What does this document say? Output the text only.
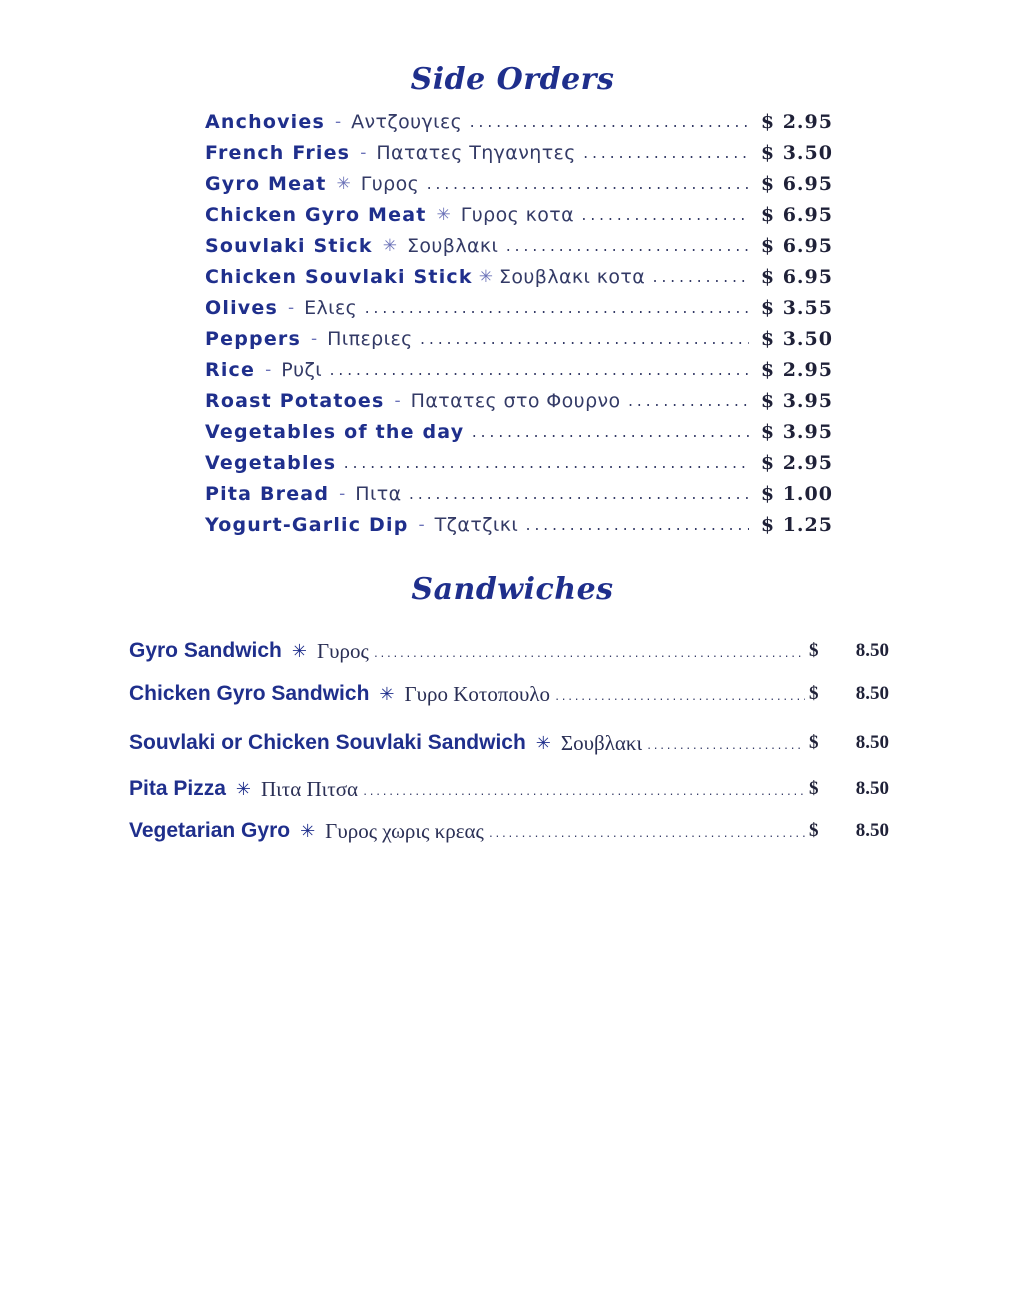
Side Orders
Anchovies - Αντζουγιες .....	$ 2.95
French Fries - Πατατες Τηγανητες .....	$ 3.50
Gyro Meat ✳ Γυρος .....	$ 6.95
Chicken Gyro Meat ✳ Γυρος κοτα .....	$ 6.95
Souvlaki Stick ✳ Σουβλακι .....	$ 6.95
Chicken Souvlaki Stick ✳ Σουβλακι κοτα .....	$ 6.95
Olives - Ελιες .....	$ 3.55
Peppers - Πιπεριες .....	$ 3.50
Rice - Ρυζι .....	$ 2.95
Roast Potatoes - Πατατες στο Φουρνο .....	$ 3.95
Vegetables of the day .....	$ 3.95
Vegetables .....	$ 2.95
Pita Bread - Πιτα .....	$ 1.00
Yogurt-Garlic Dip - Τζατζικι .....	$ 1.25
Sandwiches
Gyro Sandwich ✳ Γυρος .....	$	8.50
Chicken Gyro Sandwich ✳ Γυρο Κοτοπουλο .....	$	8.50
Souvlaki or Chicken Souvlaki Sandwich ✳ Σουβλακι .....	$	8.50
Pita Pizza ✳ Πιτα Πιτσα .....	$	8.50
Vegetarian Gyro ✳ Γυρος χωρις κρεας .....	$	8.50
